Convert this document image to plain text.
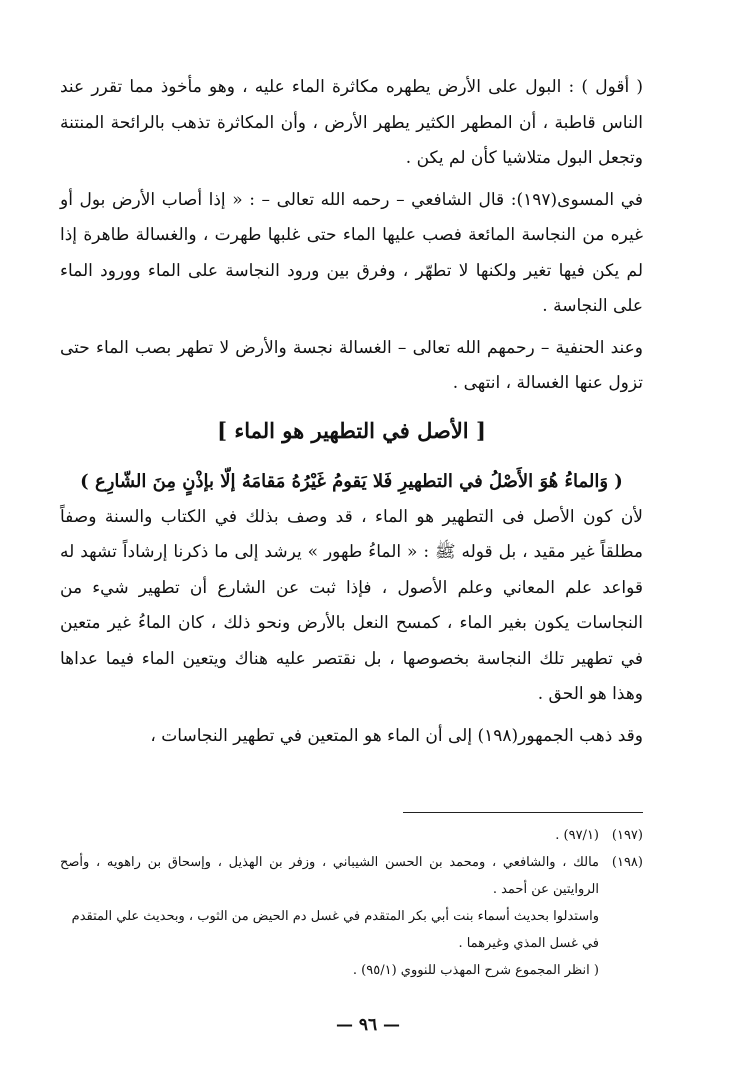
( أقول ) : البول على الأرض يطهره مكاثرة الماء عليه ، وهو مأخوذ مما تقرر عند الناس قاطبة ، أن المطهر الكثير يطهر الأرض ، وأن المكاثرة تذهب بالرائحة المنتنة وتجعل البول متلاشيا كأن لم يكن .

في المسوى(١٩٧): قال الشافعي – رحمه الله تعالى – : « إذا أصاب الأرض بول أو غيره من النجاسة المائعة فصب عليها الماء حتى غلبها طهرت ، والغسالة طاهرة إذا لم يكن فيها تغير ولكنها لا تطهّر ، وفرق بين ورود النجاسة على الماء وورود الماء على النجاسة .

وعند الحنفية – رحمهم الله تعالى – الغسالة نجسة والأرض لا تطهر بصب الماء حتى تزول عنها الغسالة ، انتهى .

[ الأصل في التطهير هو الماء ]

( وَالماءُ هُوَ الأَصْلُ في التطهيرِ فَلا يَقومُ غَيْرُهُ مَقامَهُ إلّا بإذْنٍ مِنَ الشّارِع )

لأن كون الأصل فى التطهير هو الماء ، قد وصف بذلك في الكتاب والسنة وصفاً مطلقاً غير مقيد ، بل قوله ﷺ : « الماءُ طهور » يرشد إلى ما ذكرنا إرشاداً تشهد له قواعد علم المعاني وعلم الأصول ، فإذا ثبت عن الشارع أن تطهير شيء من النجاسات يكون بغير الماء ، كمسح النعل بالأرض ونحو ذلك ، كان الماءُ غير متعين في تطهير تلك النجاسة بخصوصها ، بل نقتصر عليه هناك ويتعين الماء فيما عداها وهذا هو الحق .

وقد ذهب الجمهور(١٩٨) إلى أن الماء هو المتعين في تطهير النجاسات ،

(١٩٧)
(٩٧/١) .

(١٩٨)
مالك ، والشافعي ، ومحمد بن الحسن الشيباني ، وزفر بن الهذيل ، وإسحاق بن راهويه ، وأصح الروايتين عن أحمد .

واستدلوا بحديث أسماء بنت أبي بكر المتقدم في غسل دم الحيض من الثوب ، وبحديث علي المتقدم في غسل المذي وغيرهما .

( انظر المجموع شرح المهذب للنووي (٩٥/١) .

— ٩٦ —
